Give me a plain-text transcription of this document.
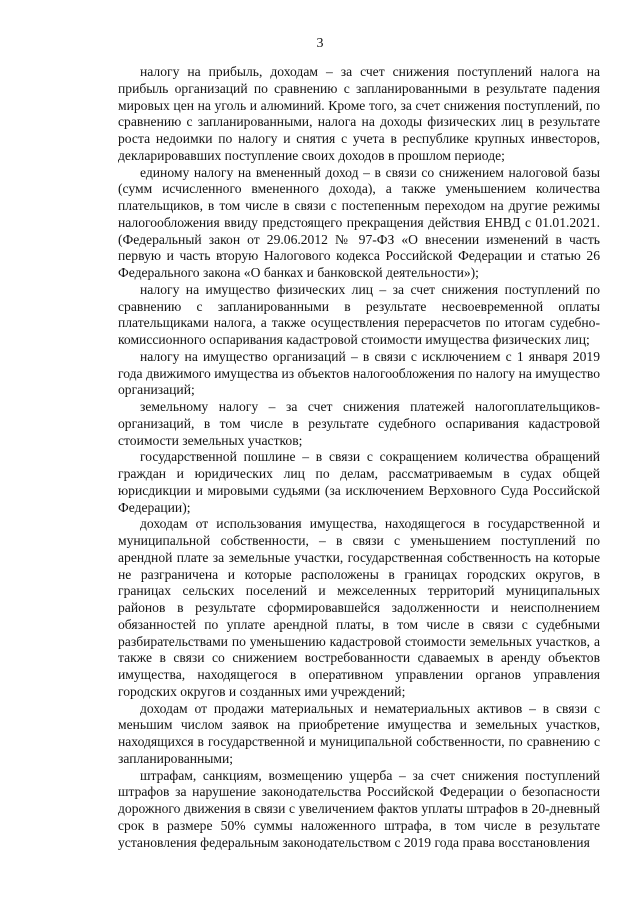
3

налогу на прибыль, доходам – за счет снижения поступлений налога на прибыль организаций по сравнению с запланированными в результате падения мировых цен на уголь и алюминий. Кроме того, за счет снижения поступлений, по сравнению с запланированными, налога на доходы физических лиц в результате роста недоимки по налогу и снятия с учета в республике крупных инвесторов, декларировавших поступление своих доходов в прошлом периоде;

единому налогу на вмененный доход – в связи со снижением налоговой базы (сумм исчисленного вмененного дохода), а также уменьшением количества плательщиков, в том числе в связи с постепенным переходом на другие режимы налогообложения ввиду предстоящего прекращения действия ЕНВД с 01.01.2021. (Федеральный закон от 29.06.2012 № 97-ФЗ «О внесении изменений в часть первую и часть вторую Налогового кодекса Российской Федерации и статью 26 Федерального закона «О банках и банковской деятельности»);

налогу на имущество физических лиц – за счет снижения поступлений по сравнению с запланированными в результате несвоевременной оплаты плательщиками налога, а также осуществления перерасчетов по итогам судебно-комиссионного оспаривания кадастровой стоимости имущества физических лиц;

налогу на имущество организаций – в связи с исключением с 1 января 2019 года движимого имущества из объектов налогообложения по налогу на имущество организаций;

земельному налогу – за счет снижения платежей налогоплательщиков-организаций, в том числе в результате судебного оспаривания кадастровой стоимости земельных участков;

государственной пошлине – в связи с сокращением количества обращений граждан и юридических лиц по делам, рассматриваемым в судах общей юрисдикции и мировыми судьями (за исключением Верховного Суда Российской Федерации);

доходам от использования имущества, находящегося в государственной и муниципальной собственности, – в связи с уменьшением поступлений по арендной плате за земельные участки, государственная собственность на которые не разграничена и которые расположены в границах городских округов, в границах сельских поселений и межселенных территорий муниципальных районов в результате сформировавшейся задолженности и неисполнением обязанностей по уплате арендной платы, в том числе в связи с судебными разбирательствами по уменьшению кадастровой стоимости земельных участков, а также в связи со снижением востребованности сдаваемых в аренду объектов имущества, находящегося в оперативном управлении органов управления городских округов и созданных ими учреждений;

доходам от продажи материальных и нематериальных активов – в связи с меньшим числом заявок на приобретение имущества и земельных участков, находящихся в государственной и муниципальной собственности, по сравнению с запланированными;

штрафам, санкциям, возмещению ущерба – за счет снижения поступлений штрафов за нарушение законодательства Российской Федерации о безопасности дорожного движения в связи с увеличением фактов уплаты штрафов в 20-дневный срок в размере 50% суммы наложенного штрафа, в том числе в результате установления федеральным законодательством с 2019 года права восстановления
